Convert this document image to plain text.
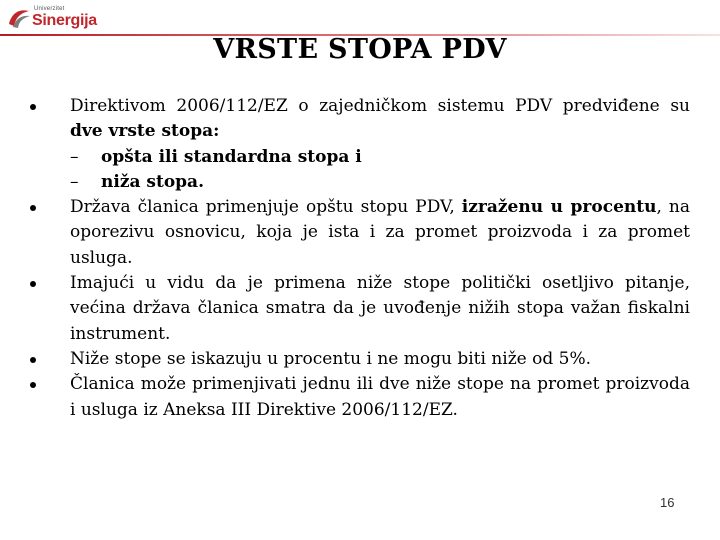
Univerzitet
Sinergija
VRSTE STOPA PDV
Direktivom 2006/112/EZ o zajedničkom sistemu PDV predviđene su dve vrste stopa:
– opšta ili standardna stopa i
– niža stopa.
Država članica primenjuje opštu stopu PDV, izraženu u procentu, na oporezivu osnovicu, koja je ista i za promet proizvoda i za promet usluga.
Imajući u vidu da je primena niže stope politički osetljivo pitanje, većina država članica smatra da je uvođenje nižih stopa važan fiskalni instrument.
Niže stope se iskazuju u procentu i ne mogu biti niže od 5%.
Članica može primenjivati jednu ili dve niže stope na promet proizvoda i usluga iz Aneksa III Direktive 2006/112/EZ.
16
